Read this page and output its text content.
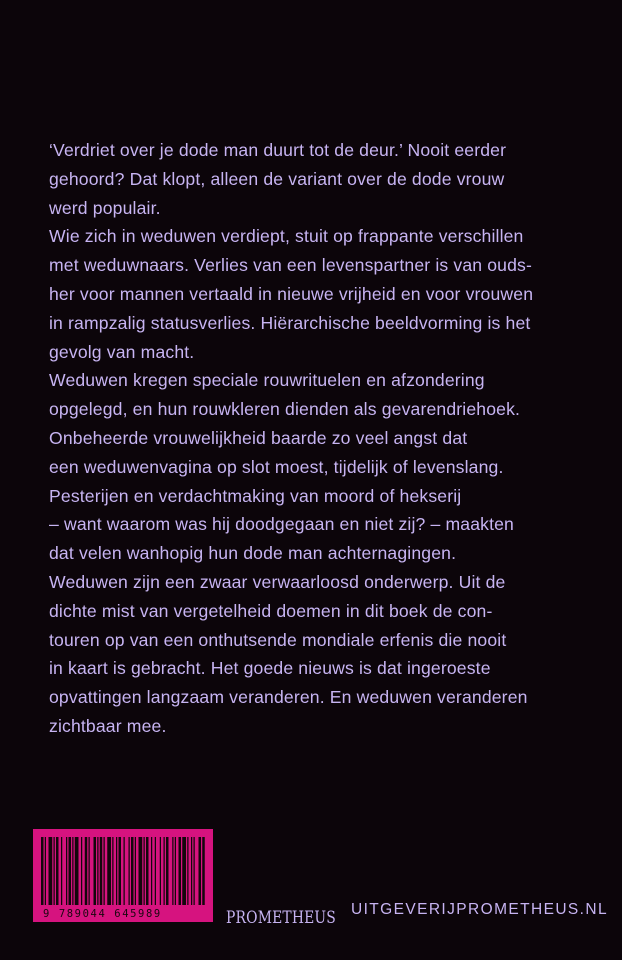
‘Verdriet over je dode man duurt tot de deur.’ Nooit eerder
gehoord? Dat klopt, alleen de variant over de dode vrouw
werd populair.
Wie zich in weduwen verdiept, stuit op frappante verschillen
met weduwnaars. Verlies van een levenspartner is van ouds-
her voor mannen vertaald in nieuwe vrijheid en voor vrouwen
in rampzalig statusverlies. Hiërarchische beeldvorming is het
gevolg van macht.
Weduwen kregen speciale rouwrituelen en afzondering
opgelegd, en hun rouwkleren dienden als gevarendriehoek.
Onbeheerde vrouwelijkheid baarde zo veel angst dat
een weduwenvagina op slot moest, tijdelijk of levenslang.
Pesterijen en verdachtmaking van moord of hekserij
– want waarom was hij doodgegaan en niet zij? – maakten
dat velen wanhopig hun dode man achternagingen.
Weduwen zijn een zwaar verwaarloosd onderwerp. Uit de
dichte mist van vergetelheid doemen in dit boek de con-
touren op van een onthutsende mondiale erfenis die nooit
in kaart is gebracht. Het goede nieuws is dat ingeroeste
opvattingen langzaam veranderen. En weduwen veranderen
zichtbaar mee.
9 789044 645989	PROMETHEUS UITGEVERIJPROMETHEUS.NL
